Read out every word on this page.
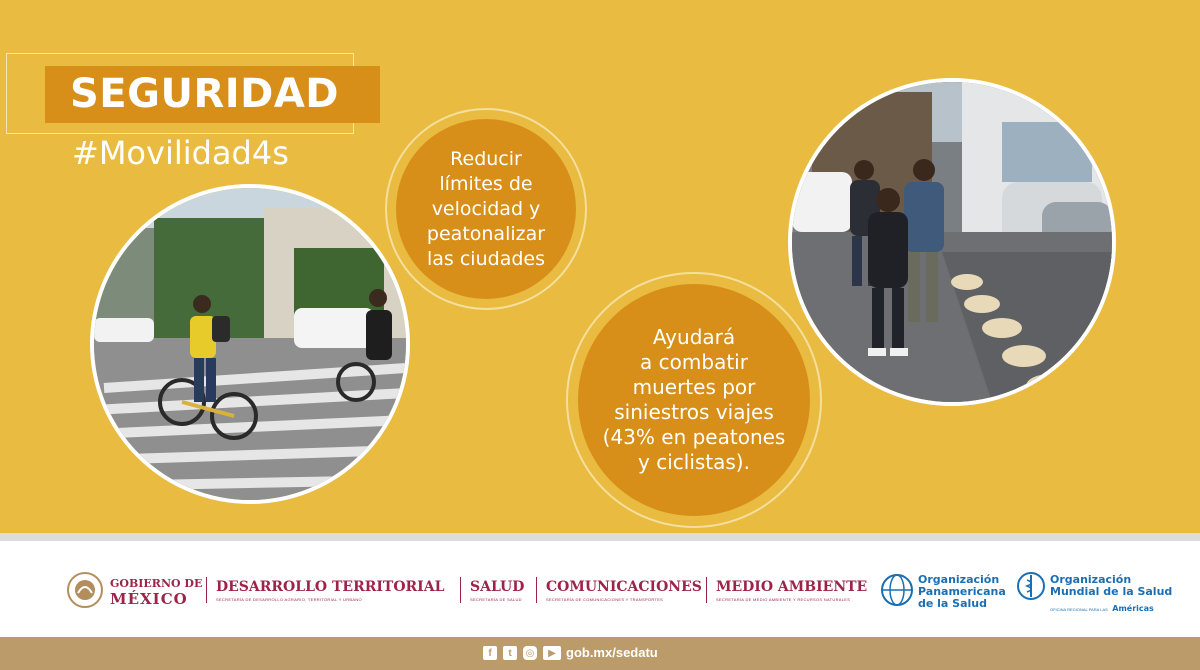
SEGURIDAD
#Movilidad4s	Reducir
límites de
velocidad y
peatonalizar
las ciudades
Ayudará
a combatir
muertes por
siniestros viajes
(43% en peatones
y ciclistas).
GOBIERNO DE
MÉXICO
DESARROLLO TERRITORIAL
SECRETARÍA DE DESARROLLO AGRARIO, TERRITORIAL Y URBANO
SALUD
SECRETARÍA DE SALUD
COMUNICACIONES
SECRETARÍA DE COMUNICACIONES Y TRANSPORTES
MEDIO AMBIENTE
SECRETARÍA DE MEDIO AMBIENTE Y RECURSOS NATURALES
Organización
Panamericana
de la Salud
Organización
Mundial de la Salud
OFICINA REGIONAL PARA LAS Américas
f	t	◎	▶ gob.mx/sedatu
